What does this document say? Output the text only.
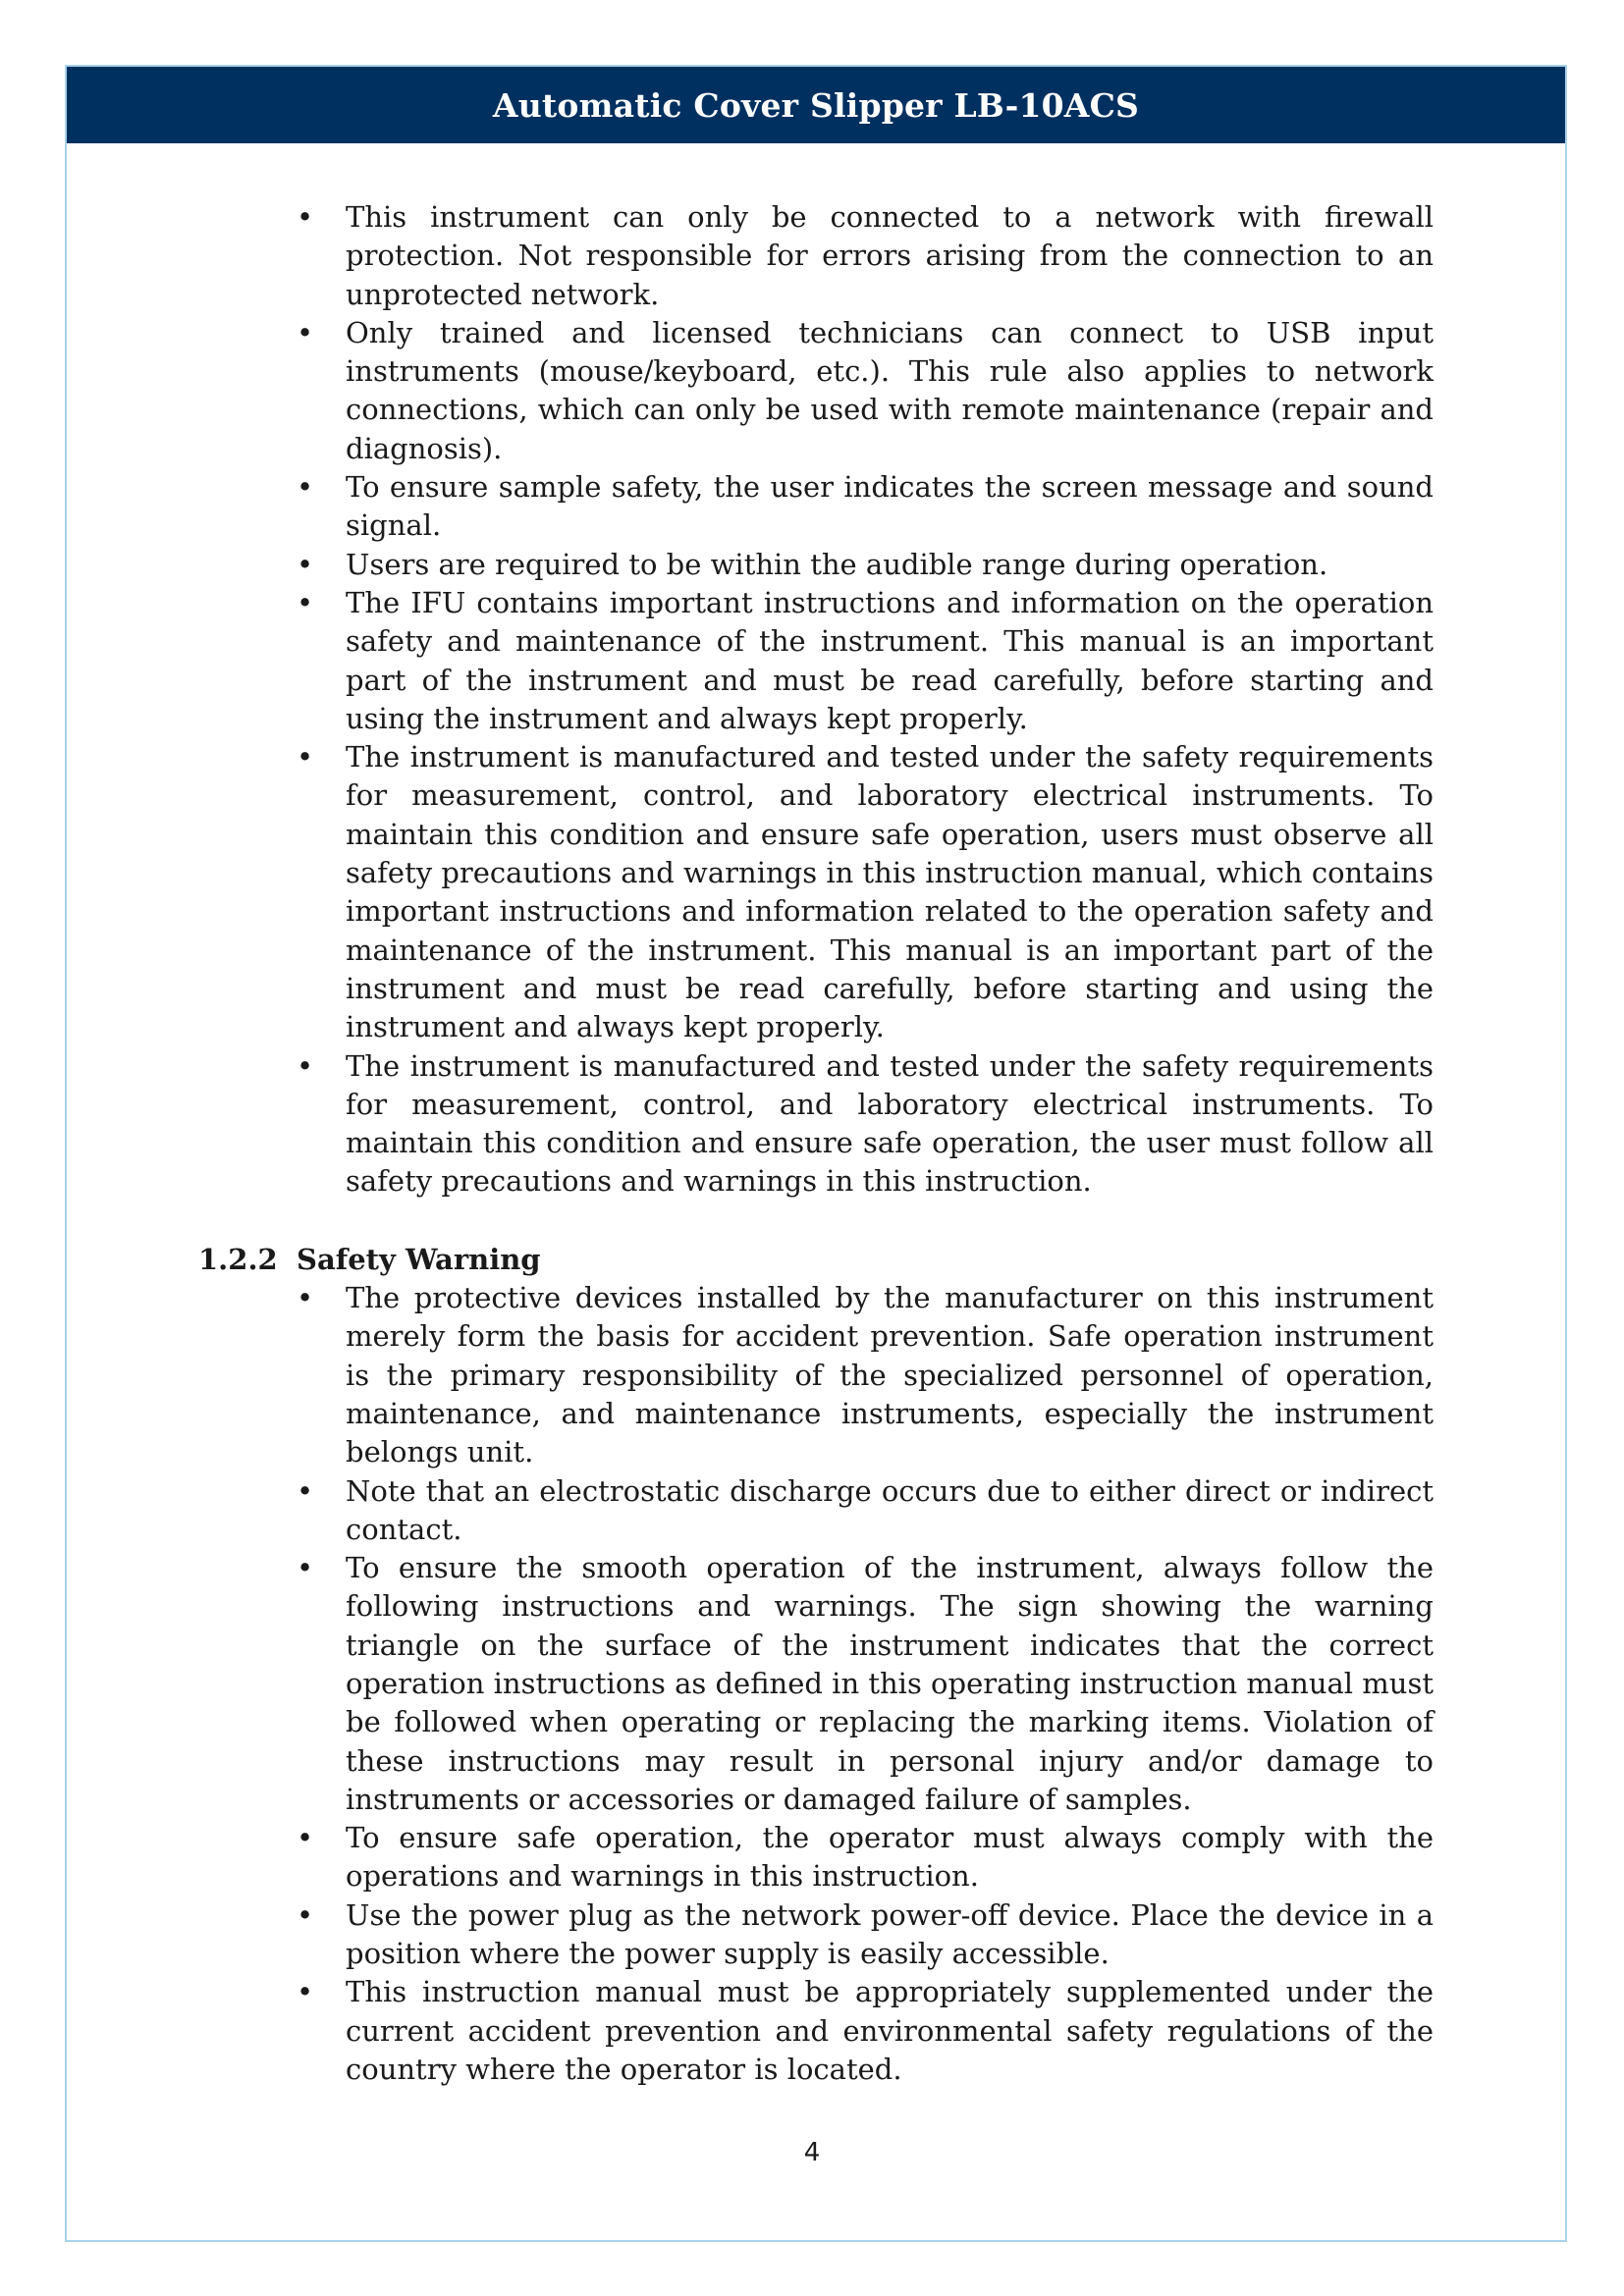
Automatic Cover Slipper LB-10ACS
• This instrument can only be connected to a network with firewall protection. Not responsible for errors arising from the connection to an unprotected network.
• Only trained and licensed technicians can connect to USB input instruments (mouse/keyboard, etc.). This rule also applies to network connections, which can only be used with remote maintenance (repair and diagnosis).
• To ensure sample safety, the user indicates the screen message and sound signal.
• Users are required to be within the audible range during operation.
• The IFU contains important instructions and information on the operation safety and maintenance of the instrument. This manual is an important part of the instrument and must be read carefully, before starting and using the instrument and always kept properly.
• The instrument is manufactured and tested under the safety requirements for measurement, control, and laboratory electrical instruments. To maintain this condition and ensure safe operation, users must observe all safety precautions and warnings in this instruction manual, which contains important instructions and information related to the operation safety and maintenance of the instrument. This manual is an important part of the instrument and must be read carefully, before starting and using the instrument and always kept properly.
• The instrument is manufactured and tested under the safety requirements for measurement, control, and laboratory electrical instruments. To maintain this condition and ensure safe operation, the user must follow all safety precautions and warnings in this instruction.
1.2.2 Safety Warning
• The protective devices installed by the manufacturer on this instrument merely form the basis for accident prevention. Safe operation instrument is the primary responsibility of the specialized personnel of operation, maintenance, and maintenance instruments, especially the instrument belongs unit.
• Note that an electrostatic discharge occurs due to either direct or indirect contact.
• To ensure the smooth operation of the instrument, always follow the following instructions and warnings. The sign showing the warning triangle on the surface of the instrument indicates that the correct operation instructions as defined in this operating instruction manual must be followed when operating or replacing the marking items. Violation of these instructions may result in personal injury and/or damage to instruments or accessories or damaged failure of samples.
• To ensure safe operation, the operator must always comply with the operations and warnings in this instruction.
• Use the power plug as the network power-off device. Place the device in a position where the power supply is easily accessible.
• This instruction manual must be appropriately supplemented under the current accident prevention and environmental safety regulations of the country where the operator is located.
4
